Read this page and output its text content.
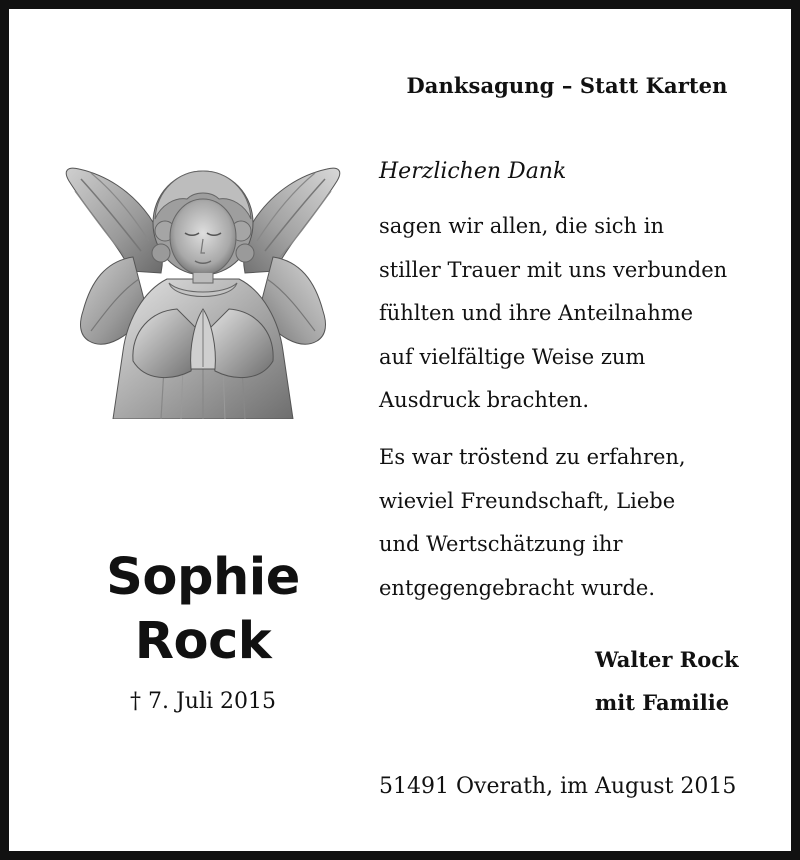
Danksagung – Statt Karten
Herzlichen Dank
sagen wir allen, die sich in
stiller Trauer mit uns verbunden
fühlten und ihre Anteilnahme
auf vielfältige Weise zum
Ausdruck brachten.
Es war tröstend zu erfahren,
wieviel Freundschaft, Liebe
und Wertschätzung ihr
entgegengebracht wurde.
Walter Rock
mit Familie
51491 Overath, im August 2015
Sophie
Rock
† 7. Juli 2015
